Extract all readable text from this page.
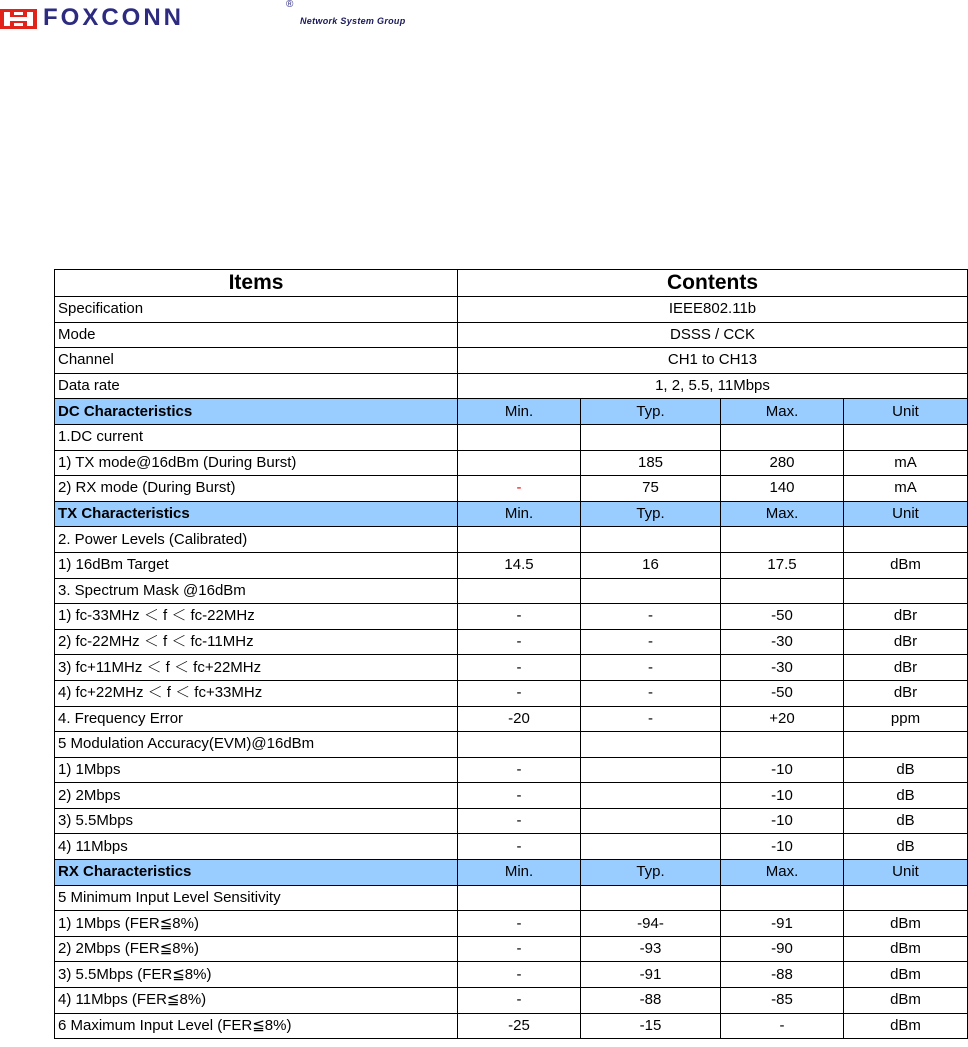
FOXCONN	®
Network System Group
Items	Contents			
Specification	IEEE802.11b			
Mode	DSSS / CCK			
Channel	CH1 to CH13			
Data rate	1, 2, 5.5, 11Mbps			
DC Characteristics	Min.	Typ.	Max.	Unit
1.DC current				
1) TX mode@16dBm (During Burst)		185	280	mA
2) RX mode (During Burst)	-	75	140	mA
TX Characteristics	Min.	Typ.	Max.	Unit
2. Power Levels (Calibrated)				
1) 16dBm Target	14.5	16	17.5	dBm
3. Spectrum Mask @16dBm				
1) fc-33MHz ＜ f ＜ fc-22MHz	-	-	-50	dBr
2) fc-22MHz ＜ f ＜ fc-11MHz	-	-	-30	dBr
3) fc+11MHz ＜ f ＜ fc+22MHz	-	-	-30	dBr
4) fc+22MHz ＜ f ＜ fc+33MHz	-	-	-50	dBr
4. Frequency Error	-20	-	+20	ppm
5 Modulation Accuracy(EVM)@16dBm				
1) 1Mbps	-		-10	dB
2) 2Mbps	-		-10	dB
3) 5.5Mbps	-		-10	dB
4) 11Mbps	-		-10	dB
RX Characteristics	Min.	Typ.	Max.	Unit
5 Minimum Input Level Sensitivity				
1) 1Mbps (FER≦8%)	-	-94-	-91	dBm
2) 2Mbps (FER≦8%)	-	-93	-90	dBm
3) 5.5Mbps (FER≦8%)	-	-91	-88	dBm
4) 11Mbps (FER≦8%)	-	-88	-85	dBm
6 Maximum Input Level (FER≦8%)	-25	-15	-	dBm
